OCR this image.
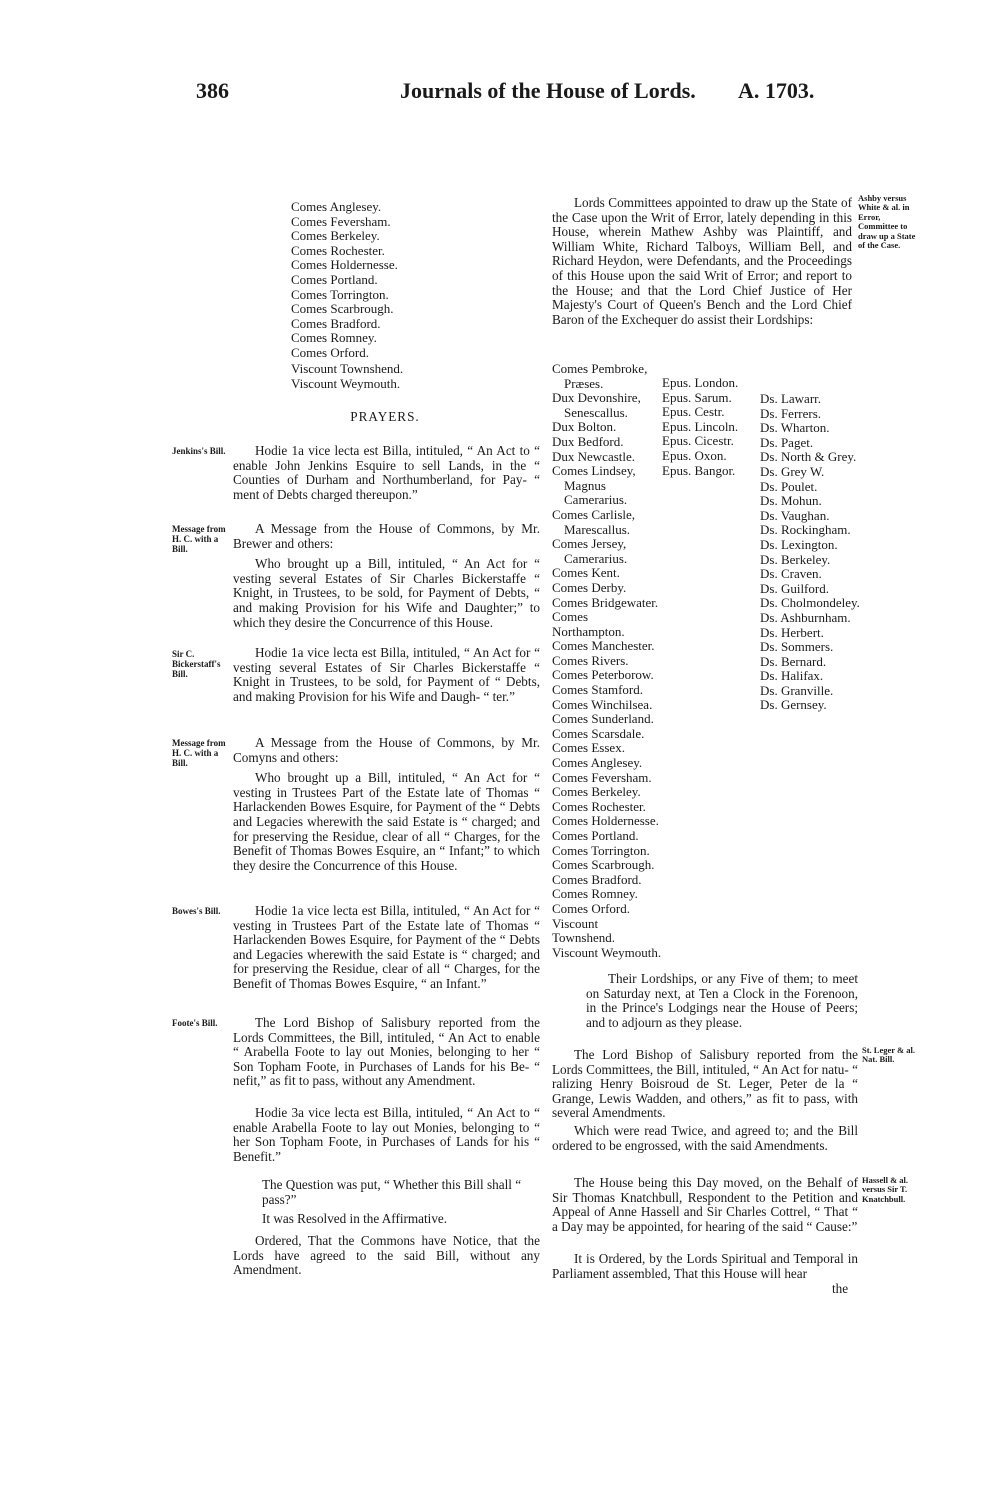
386	Journals of the House of Lords. A. 1703.
Comes Anglesey.
Comes Feversham.
Comes Berkeley.
Comes Rochester.
Comes Holdernesse.
Comes Portland.
Comes Torrington.
Comes Scarbrough.
Comes Bradford.
Comes Romney.
Comes Orford.
Viscount Townshend.
Viscount Weymouth.
PRAYERS.
Jenkins's Bill.
Message from H. C. with a Bill.
Sir C. Bickerstaff's Bill.
Message from H. C. with a Bill.
Bowes's Bill.
Foote's Bill.
Hodie 1a vice lecta est Billa, intituled, “ An Act to “ enable John Jenkins Esquire to sell Lands, in the “ Counties of Durham and Northumberland, for Pay- “ ment of Debts charged thereupon.”

A Message from the House of Commons, by Mr. Brewer and others:

Who brought up a Bill, intituled, “ An Act for “ vesting several Estates of Sir Charles Bickerstaffe “ Knight, in Trustees, to be sold, for Payment of Debts, “ and making Provision for his Wife and Daughter;” to which they desire the Concurrence of this House.

Hodie 1a vice lecta est Billa, intituled, “ An Act for “ vesting several Estates of Sir Charles Bickerstaffe “ Knight in Trustees, to be sold, for Payment of “ Debts, and making Provision for his Wife and Daugh- “ ter.”

A Message from the House of Commons, by Mr. Comyns and others:

Who brought up a Bill, intituled, “ An Act for “ vesting in Trustees Part of the Estate late of Thomas “ Harlackenden Bowes Esquire, for Payment of the “ Debts and Legacies wherewith the said Estate is “ charged; and for preserving the Residue, clear of all “ Charges, for the Benefit of Thomas Bowes Esquire, an “ Infant;” to which they desire the Concurrence of this House.

Hodie 1a vice lecta est Billa, intituled, “ An Act for “ vesting in Trustees Part of the Estate late of Thomas “ Harlackenden Bowes Esquire, for Payment of the “ Debts and Legacies wherewith the said Estate is “ charged; and for preserving the Residue, clear of all “ Charges, for the Benefit of Thomas Bowes Esquire, “ an Infant.”
The Lord Bishop of Salisbury reported from the Lords Committees, the Bill, intituled, “ An Act to enable “ Arabella Foote to lay out Monies, belonging to her “ Son Topham Foote, in Purchases of Lands for his Be- “ nefit,” as fit to pass, without any Amendment.
Hodie 3a vice lecta est Billa, intituled, “ An Act to “ enable Arabella Foote to lay out Monies, belonging to “ her Son Topham Foote, in Purchases of Lands for his “ Benefit.”
The Question was put, “ Whether this Bill shall “ pass?”
It was Resolved in the Affirmative.
Ordered, That the Commons have Notice, that the Lords have agreed to the said Bill, without any Amendment.
Lords Committees appointed to draw up the State of the Case upon the Writ of Error, lately depending in this House, wherein Mathew Ashby was Plaintiff, and William White, Richard Talboys, William Bell, and Richard Heydon, were Defendants, and the Proceedings of this House upon the said Writ of Error; and report to the House; and that the Lord Chief Justice of Her Majesty's Court of Queen's Bench and the Lord Chief Baron of the Exchequer do assist their Lordships:
Ashby versus White & al. in Error, Committee to draw up a State of the Case.
Comes Pembroke,
Præses.
Dux Devonshire,
Senescallus.
Dux Bolton.
Dux Bedford.
Dux Newcastle.
Comes Lindsey,
Magnus Camerarius.
Comes Carlisle,
Marescallus.
Comes Jersey,
Camerarius.
Comes Kent.
Comes Derby.
Comes Bridgewater.
Comes Northampton.
Comes Manchester.
Comes Rivers.
Comes Peterborow.
Comes Stamford.
Comes Winchilsea.
Comes Sunderland.
Comes Scarsdale.
Comes Essex.
Comes Anglesey.
Comes Feversham.
Comes Berkeley.
Comes Rochester.
Comes Holdernesse.
Comes Portland.
Comes Torrington.
Comes Scarbrough.
Comes Bradford.
Comes Romney.
Comes Orford.
Viscount Townshend.
Viscount Weymouth.
Epus. London.
Epus. Sarum.
Epus. Cestr.
Epus. Lincoln.
Epus. Cicestr.
Epus. Oxon.
Epus. Bangor.
Ds. Lawarr.
Ds. Ferrers.
Ds. Wharton.
Ds. Paget.
Ds. North & Grey.
Ds. Grey W.
Ds. Poulet.
Ds. Mohun.
Ds. Vaughan.
Ds. Rockingham.
Ds. Lexington.
Ds. Berkeley.
Ds. Craven.
Ds. Guilford.
Ds. Cholmondeley.
Ds. Ashburnham.
Ds. Herbert.
Ds. Sommers.
Ds. Bernard.
Ds. Halifax.
Ds. Granville.
Ds. Gernsey.
Their Lordships, or any Five of them; to meet on Saturday next, at Ten a Clock in the Forenoon, in the Prince's Lodgings near the House of Peers; and to adjourn as they please.
The Lord Bishop of Salisbury reported from the Lords Committees, the Bill, intituled, “ An Act for natu- “ ralizing Henry Boisroud de St. Leger, Peter de la “ Grange, Lewis Wadden, and others,” as fit to pass, with several Amendments.
St. Leger & al. Nat. Bill.
Which were read Twice, and agreed to; and the Bill ordered to be engrossed, with the said Amendments.
The House being this Day moved, on the Behalf of Sir Thomas Knatchbull, Respondent to the Petition and Appeal of Anne Hassell and Sir Charles Cottrel, “ That “ a Day may be appointed, for hearing of the said “ Cause:”
Hassell & al. versus Sir T. Knatchbull.
It is Ordered, by the Lords Spiritual and Temporal in Parliament assembled, That this House will hear
the
